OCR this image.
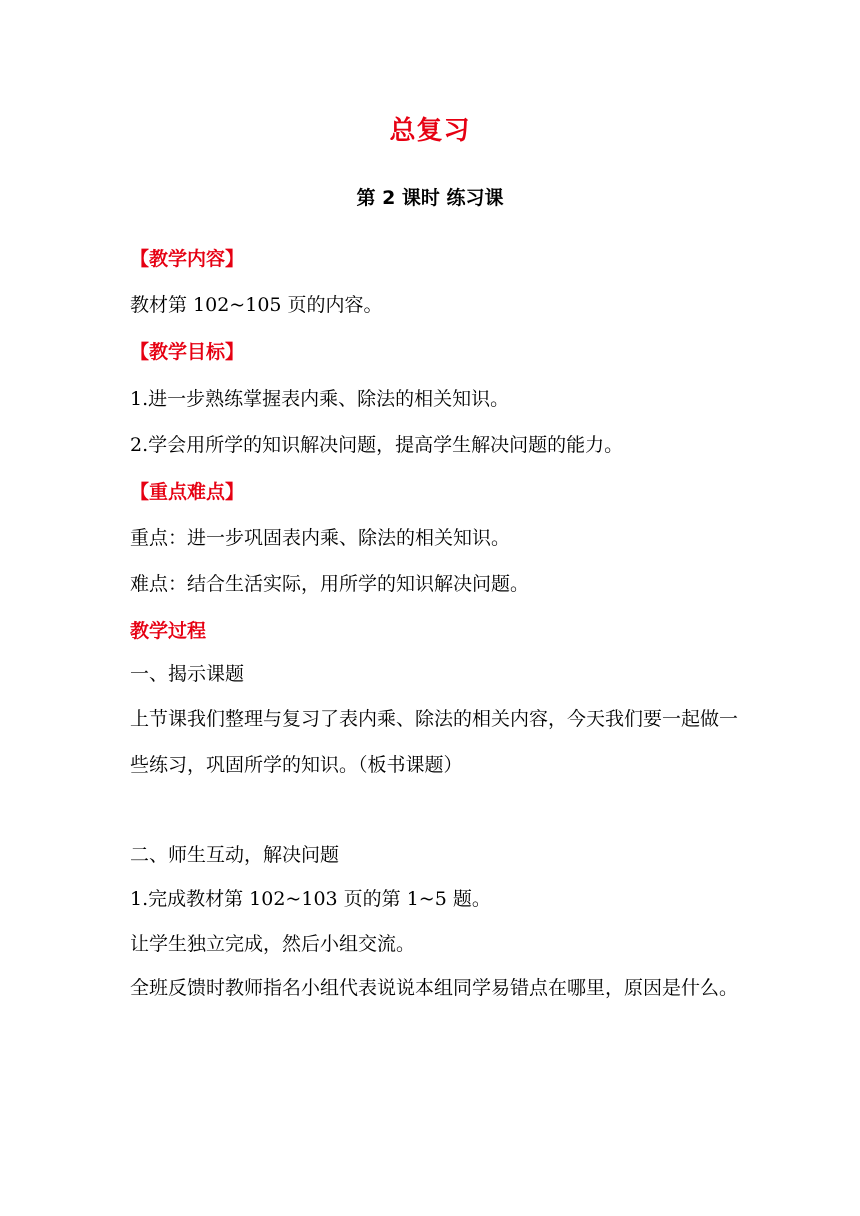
总复习
第 2 课时 练习课
【教学内容】
教材第 102~105 页的内容。
【教学目标】
1.进一步熟练掌握表内乘、除法的相关知识。
2.学会用所学的知识解决问题，提高学生解决问题的能力。
【重点难点】
重点：进一步巩固表内乘、除法的相关知识。
难点：结合生活实际，用所学的知识解决问题。
教学过程
一、揭示课题
上节课我们整理与复习了表内乘、除法的相关内容，今天我们要一起做一些练习，巩固所学的知识。（板书课题）
二、师生互动，解决问题
1.完成教材第 102~103 页的第 1~5 题。
让学生独立完成，然后小组交流。
全班反馈时教师指名小组代表说说本组同学易错点在哪里，原因是什么。
